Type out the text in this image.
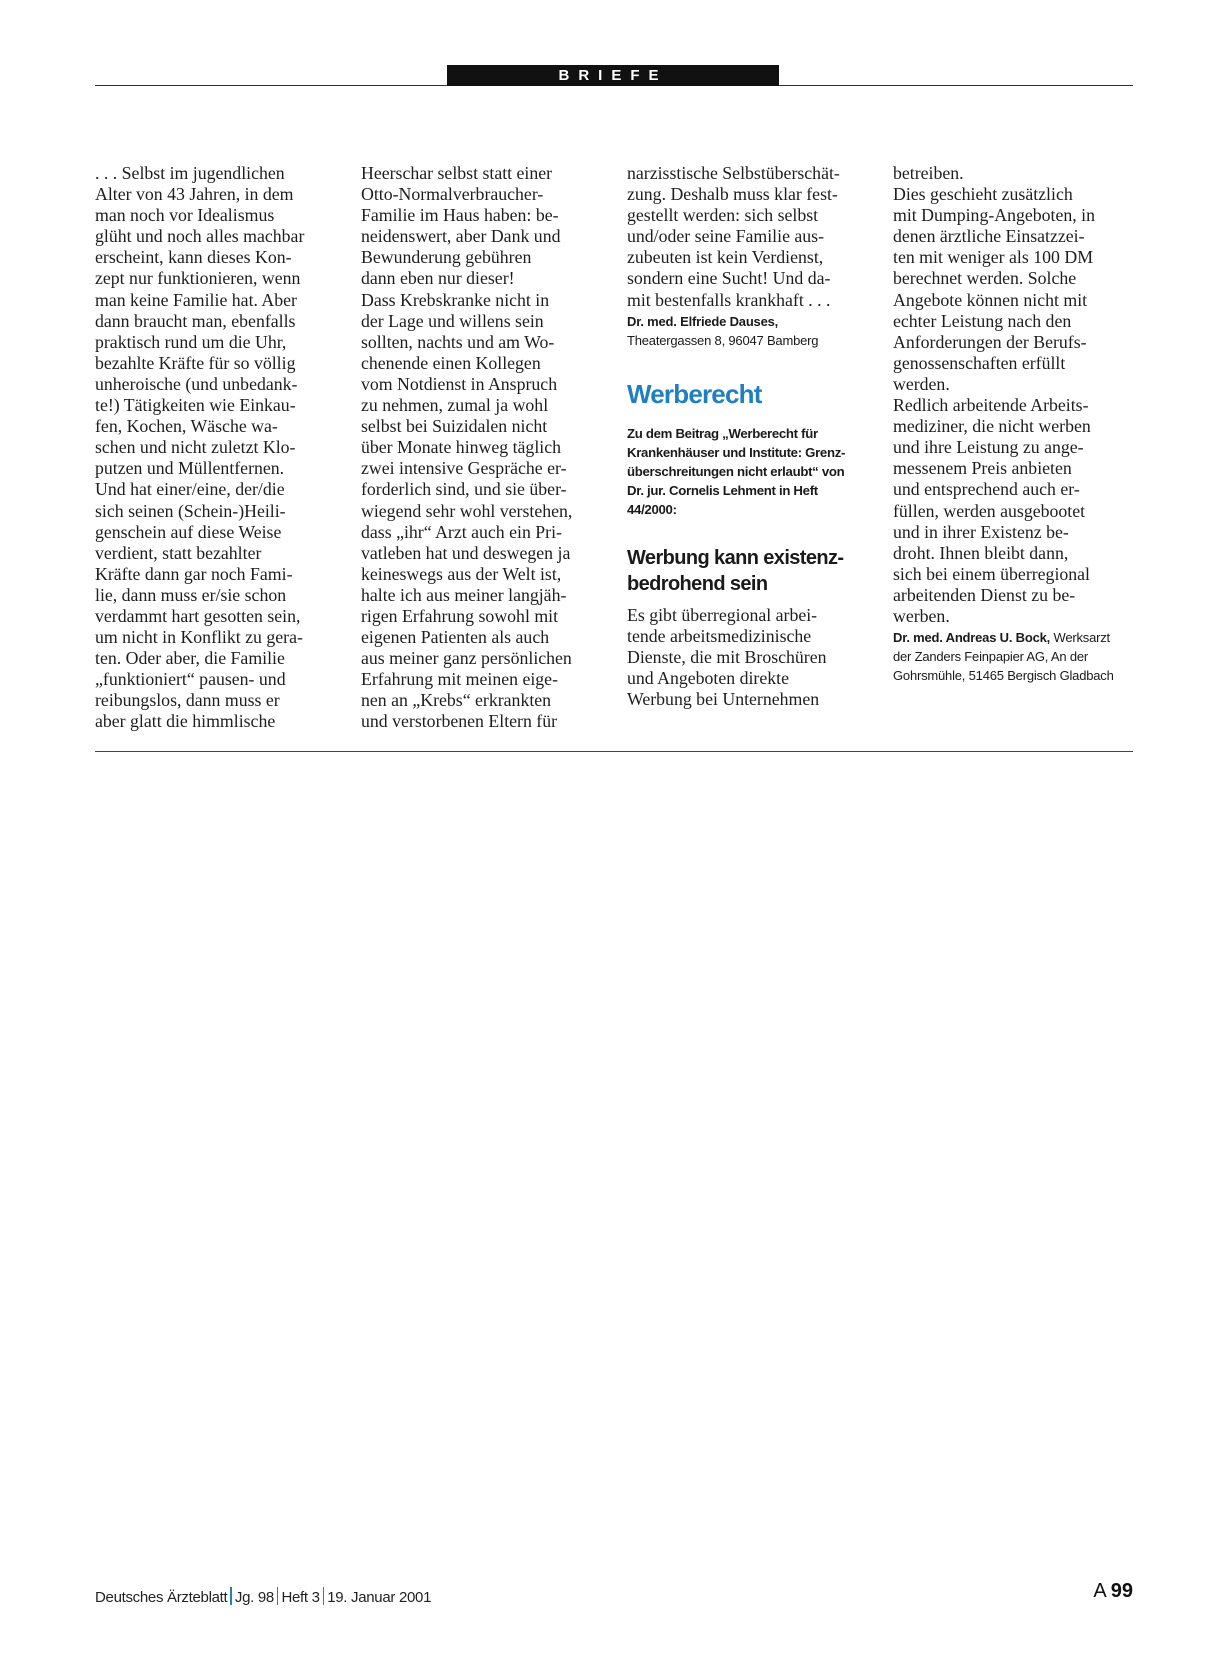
BRIEFE
. . . Selbst im jugendlichen
Alter von 43 Jahren, in dem
man noch vor Idealismus
glüht und noch alles machbar
erscheint, kann dieses Kon-
zept nur funktionieren, wenn
man keine Familie hat. Aber
dann braucht man, ebenfalls
praktisch rund um die Uhr,
bezahlte Kräfte für so völlig
unheroische (und unbedank-
te!) Tätigkeiten wie Einkau-
fen, Kochen, Wäsche wa-
schen und nicht zuletzt Klo-
putzen und Müllentfernen.
Und hat einer/eine, der/die
sich seinen (Schein-)Heili-
genschein auf diese Weise
verdient, statt bezahlter
Kräfte dann gar noch Fami-
lie, dann muss er/sie schon
verdammt hart gesotten sein,
um nicht in Konflikt zu gera-
ten. Oder aber, die Familie
„funktioniert“ pausen- und
reibungslos, dann muss er
aber glatt die himmlische
Heerschar selbst statt einer
Otto-Normalverbraucher-
Familie im Haus haben: be-
neidenswert, aber Dank und
Bewunderung gebühren
dann eben nur dieser!
Dass Krebskranke nicht in
der Lage und willens sein
sollten, nachts und am Wo-
chenende einen Kollegen
vom Notdienst in Anspruch
zu nehmen, zumal ja wohl
selbst bei Suizidalen nicht
über Monate hinweg täglich
zwei intensive Gespräche er-
forderlich sind, und sie über-
wiegend sehr wohl verstehen,
dass „ihr“ Arzt auch ein Pri-
vatleben hat und deswegen ja
keineswegs aus der Welt ist,
halte ich aus meiner langjäh-
rigen Erfahrung sowohl mit
eigenen Patienten als auch
aus meiner ganz persönlichen
Erfahrung mit meinen eige-
nen an „Krebs“ erkrankten
und verstorbenen Eltern für
narzisstische Selbstüberschät-
zung. Deshalb muss klar fest-
gestellt werden: sich selbst
und/oder seine Familie aus-
zubeuten ist kein Verdienst,
sondern eine Sucht! Und da-
mit bestenfalls krankhaft . . .
Dr. med. Elfriede Dauses,
Theatergassen 8, 96047 Bamberg
Werberecht
Zu dem Beitrag „Werberecht für
Krankenhäuser und Institute: Grenz-
überschreitungen nicht erlaubt“ von
Dr. jur. Cornelis Lehment in Heft
44/2000:
Werbung kann existenz-
bedrohend sein
Es gibt überregional arbei-
tende arbeitsmedizinische
Dienste, die mit Broschüren
und Angeboten direkte
Werbung bei Unternehmen
betreiben.
Dies geschieht zusätzlich
mit Dumping-Angeboten, in
denen ärztliche Einsatzzei-
ten mit weniger als 100 DM
berechnet werden. Solche
Angebote können nicht mit
echter Leistung nach den
Anforderungen der Berufs-
genossenschaften erfüllt
werden.
Redlich arbeitende Arbeits-
mediziner, die nicht werben
und ihre Leistung zu ange-
messenem Preis anbieten
und entsprechend auch er-
füllen, werden ausgebootet
und in ihrer Existenz be-
droht. Ihnen bleibt dann,
sich bei einem überregional
arbeitenden Dienst zu be-
werben.
Dr. med. Andreas U. Bock, Werksarzt
der Zanders Feinpapier AG, An der
Gohrsmühle, 51465 Bergisch Gladbach
Deutsches Ärzteblatt Jg. 98 Heft 3 19. Januar 2001	A 99
